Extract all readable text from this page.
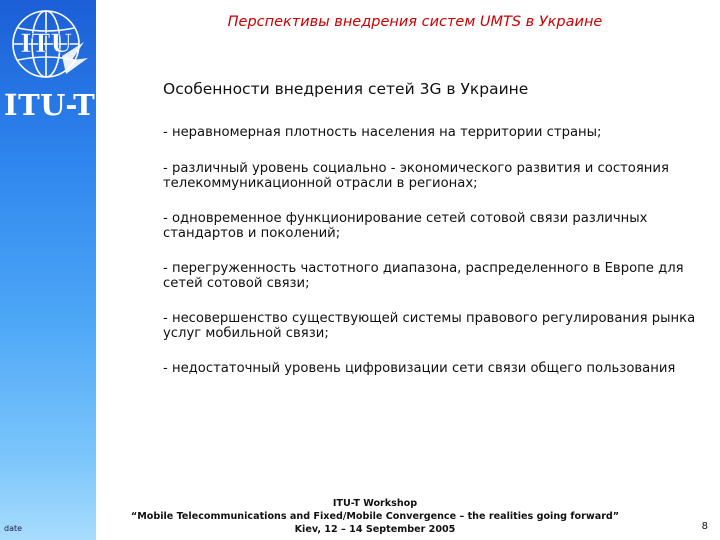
ITU
ITU-T
date
Перспективы внедрения систем UMTS в Украине
Особенности внедрения сетей 3G в Украине
- неравномерная плотность населения на территории страны;
- различный уровень социально - экономического развития и состояния телекоммуникационной отрасли в регионах;
- одновременное функционирование сетей сотовой связи различных стандартов и поколений;
- перегруженность частотного диапазона, распределенного в Европе для сетей сотовой связи;
- несовершенство существующей системы правового регулирования рынка услуг мобильной связи;
- недостаточный уровень цифровизации сети связи общего пользования
ITU-T Workshop
“Mobile Telecommunications and Fixed/Mobile Convergence – the realities going forward”
Kiev, 12 – 14 September 2005	8
